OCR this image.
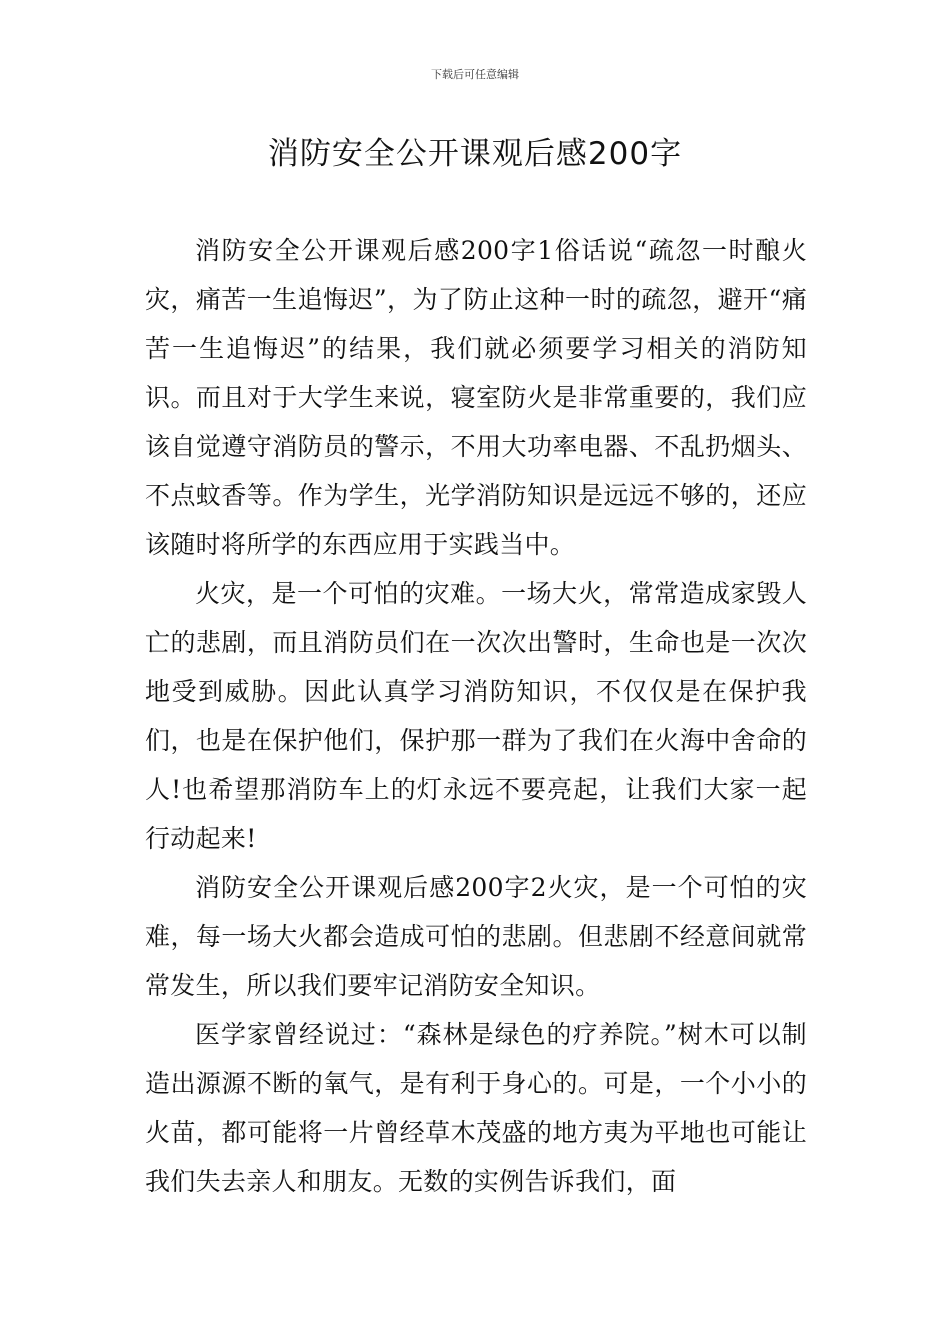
下载后可任意编辑
消防安全公开课观后感200字

消防安全公开课观后感200字1俗话说“疏忽一时酿火灾，痛苦一生追悔迟”，为了防止这种一时的疏忽，避开“痛苦一生追悔迟”的结果，我们就必须要学习相关的消防知识。而且对于大学生来说，寝室防火是非常重要的，我们应该自觉遵守消防员的警示，不用大功率电器、不乱扔烟头、不点蚊香等。作为学生，光学消防知识是远远不够的，还应该随时将所学的东西应用于实践当中。

火灾，是一个可怕的灾难。一场大火，常常造成家毁人亡的悲剧，而且消防员们在一次次出警时，生命也是一次次地受到威胁。因此认真学习消防知识，不仅仅是在保护我们，也是在保护他们，保护那一群为了我们在火海中舍命的人!也希望那消防车上的灯永远不要亮起，让我们大家一起行动起来!

消防安全公开课观后感200字2火灾，是一个可怕的灾难，每一场大火都会造成可怕的悲剧。但悲剧不经意间就常常发生，所以我们要牢记消防安全知识。

医学家曾经说过：“森林是绿色的疗养院。”树木可以制造出源源不断的氧气，是有利于身心的。可是，一个小小的火苗，都可能将一片曾经草木茂盛的地方夷为平地也可能让我们失去亲人和朋友。无数的实例告诉我们，面
